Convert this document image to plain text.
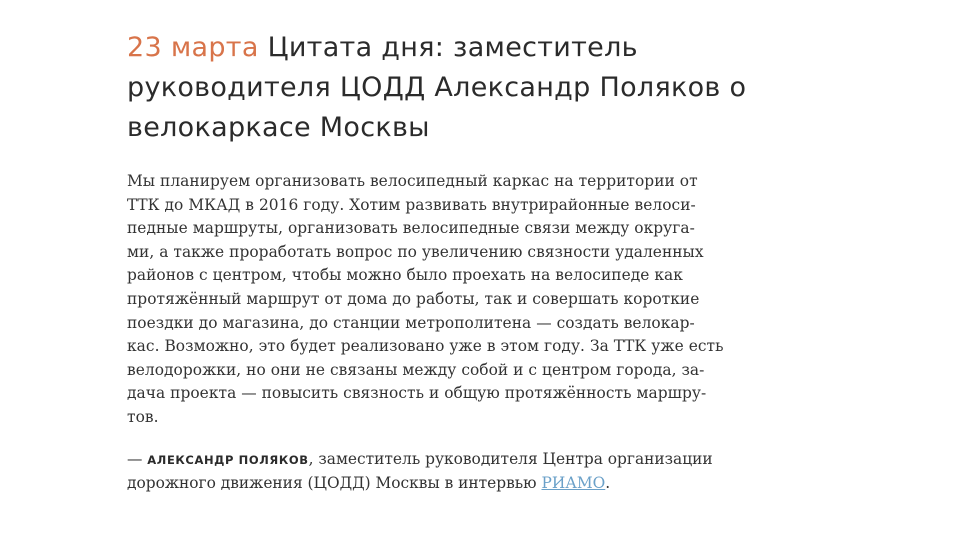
23 марта Цитата дня: заместитель руководителя ЦОДД Александр Поляков о велокаркасе Москвы
Мы планируем организовать велосипедный каркас на территории от
ТТК до МКАД в 2016 году. Хотим развивать внутрирайонные велоси-
педные маршруты, организовать велосипедные связи между округа-
ми, а также проработать вопрос по увеличению связности удаленных
районов с центром, чтобы можно было проехать на велосипеде как
протяжённый маршрут от дома до работы, так и совершать короткие
поездки до магазина, до станции метрополитена — создать велокар-
кас. Возможно, это будет реализовано уже в этом году. За ТТК уже есть
велодорожки, но они не связаны между собой и с центром города, за-
дача проекта — повысить связность и общую протяжённость маршру-
тов.
— АЛЕКСАНДР ПОЛЯКОВ, заместитель руководителя Центра организации
дорожного движения (ЦОДД) Москвы в интервью РИАМО.
